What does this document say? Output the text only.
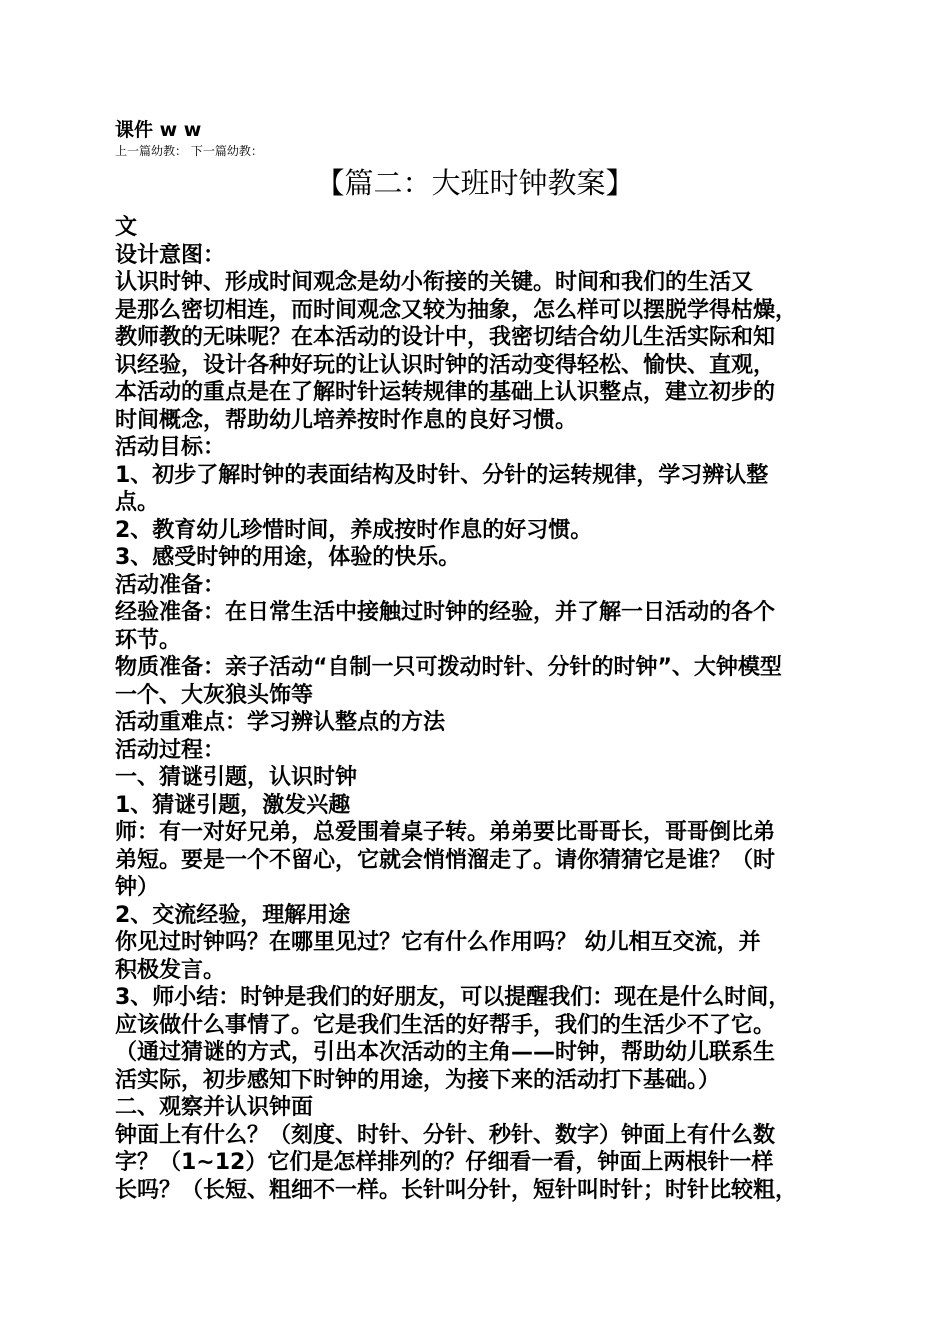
课件 w w
上一篇幼教： 下一篇幼教：
【篇二：大班时钟教案】
文
设计意图：
认识时钟、形成时间观念是幼小衔接的关键。时间和我们的生活又
是那么密切相连，而时间观念又较为抽象，怎么样可以摆脱学得枯燥，
教师教的无味呢？在本活动的设计中，我密切结合幼儿生活实际和知
识经验，设计各种好玩的让认识时钟的活动变得轻松、愉快、直观，
本活动的重点是在了解时针运转规律的基础上认识整点，建立初步的
时间概念，帮助幼儿培养按时作息的良好习惯。
活动目标：
1、初步了解时钟的表面结构及时针、分针的运转规律，学习辨认整
点。
2、教育幼儿珍惜时间，养成按时作息的好习惯。
3、感受时钟的用途，体验的快乐。
活动准备：
经验准备：在日常生活中接触过时钟的经验，并了解一日活动的各个
环节。
物质准备：亲子活动“自制一只可拨动时针、分针的时钟”、大钟模型
一个、大灰狼头饰等
活动重难点：学习辨认整点的方法
活动过程：
一、猜谜引题，认识时钟
1、猜谜引题，激发兴趣
师：有一对好兄弟，总爱围着桌子转。弟弟要比哥哥长，哥哥倒比弟
弟短。要是一个不留心，它就会悄悄溜走了。请你猜猜它是谁？（时
钟）
2、交流经验，理解用途
你见过时钟吗？在哪里见过？它有什么作用吗？ 幼儿相互交流，并
积极发言。
3、师小结：时钟是我们的好朋友，可以提醒我们：现在是什么时间，
应该做什么事情了。它是我们生活的好帮手，我们的生活少不了它。
（通过猜谜的方式，引出本次活动的主角——时钟，帮助幼儿联系生
活实际，初步感知下时钟的用途，为接下来的活动打下基础。）
二、观察并认识钟面
钟面上有什么？（刻度、时针、分针、秒针、数字）钟面上有什么数
字？（1~12）它们是怎样排列的？仔细看一看，钟面上两根针一样
长吗？（长短、粗细不一样。长针叫分针，短针叫时针；时针比较粗，
